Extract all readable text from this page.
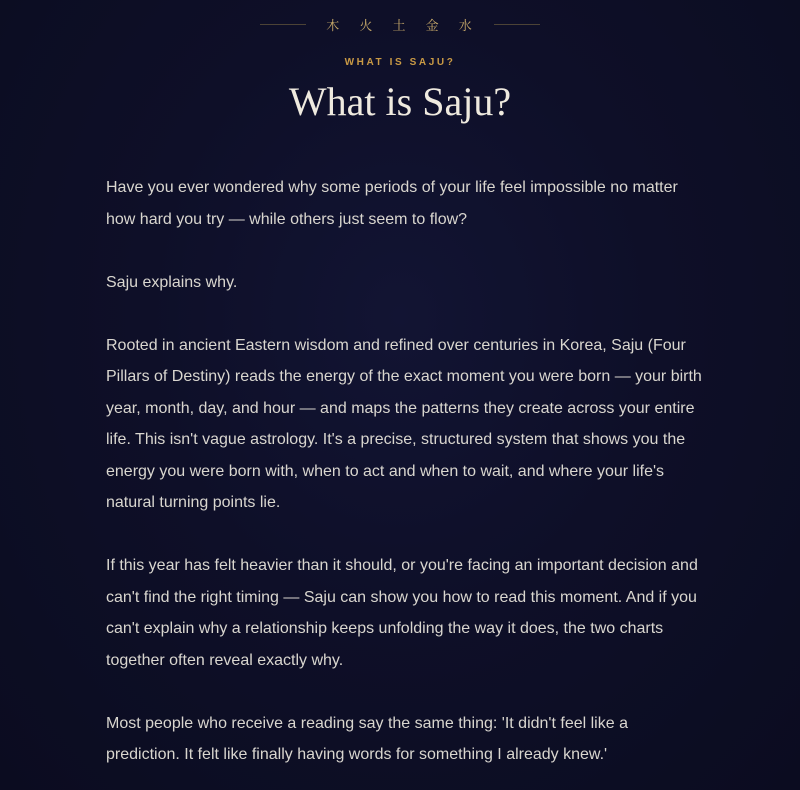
木 火 土 金 水
WHAT IS SAJU?
What is Saju?

Have you ever wondered why some periods of your life feel impossible no matter how hard you try — while others just seem to flow?

Saju explains why.

Rooted in ancient Eastern wisdom and refined over centuries in Korea, Saju (Four Pillars of Destiny) reads the energy of the exact moment you were born — your birth year, month, day, and hour — and maps the patterns they create across your entire life. This isn't vague astrology. It's a precise, structured system that shows you the energy you were born with, when to act and when to wait, and where your life's natural turning points lie.

If this year has felt heavier than it should, or you're facing an important decision and can't find the right timing — Saju can show you how to read this moment. And if you can't explain why a relationship keeps unfolding the way it does, the two charts together often reveal exactly why.

Most people who receive a reading say the same thing: 'It didn't feel like a prediction. It felt like finally having words for something I already knew.'
